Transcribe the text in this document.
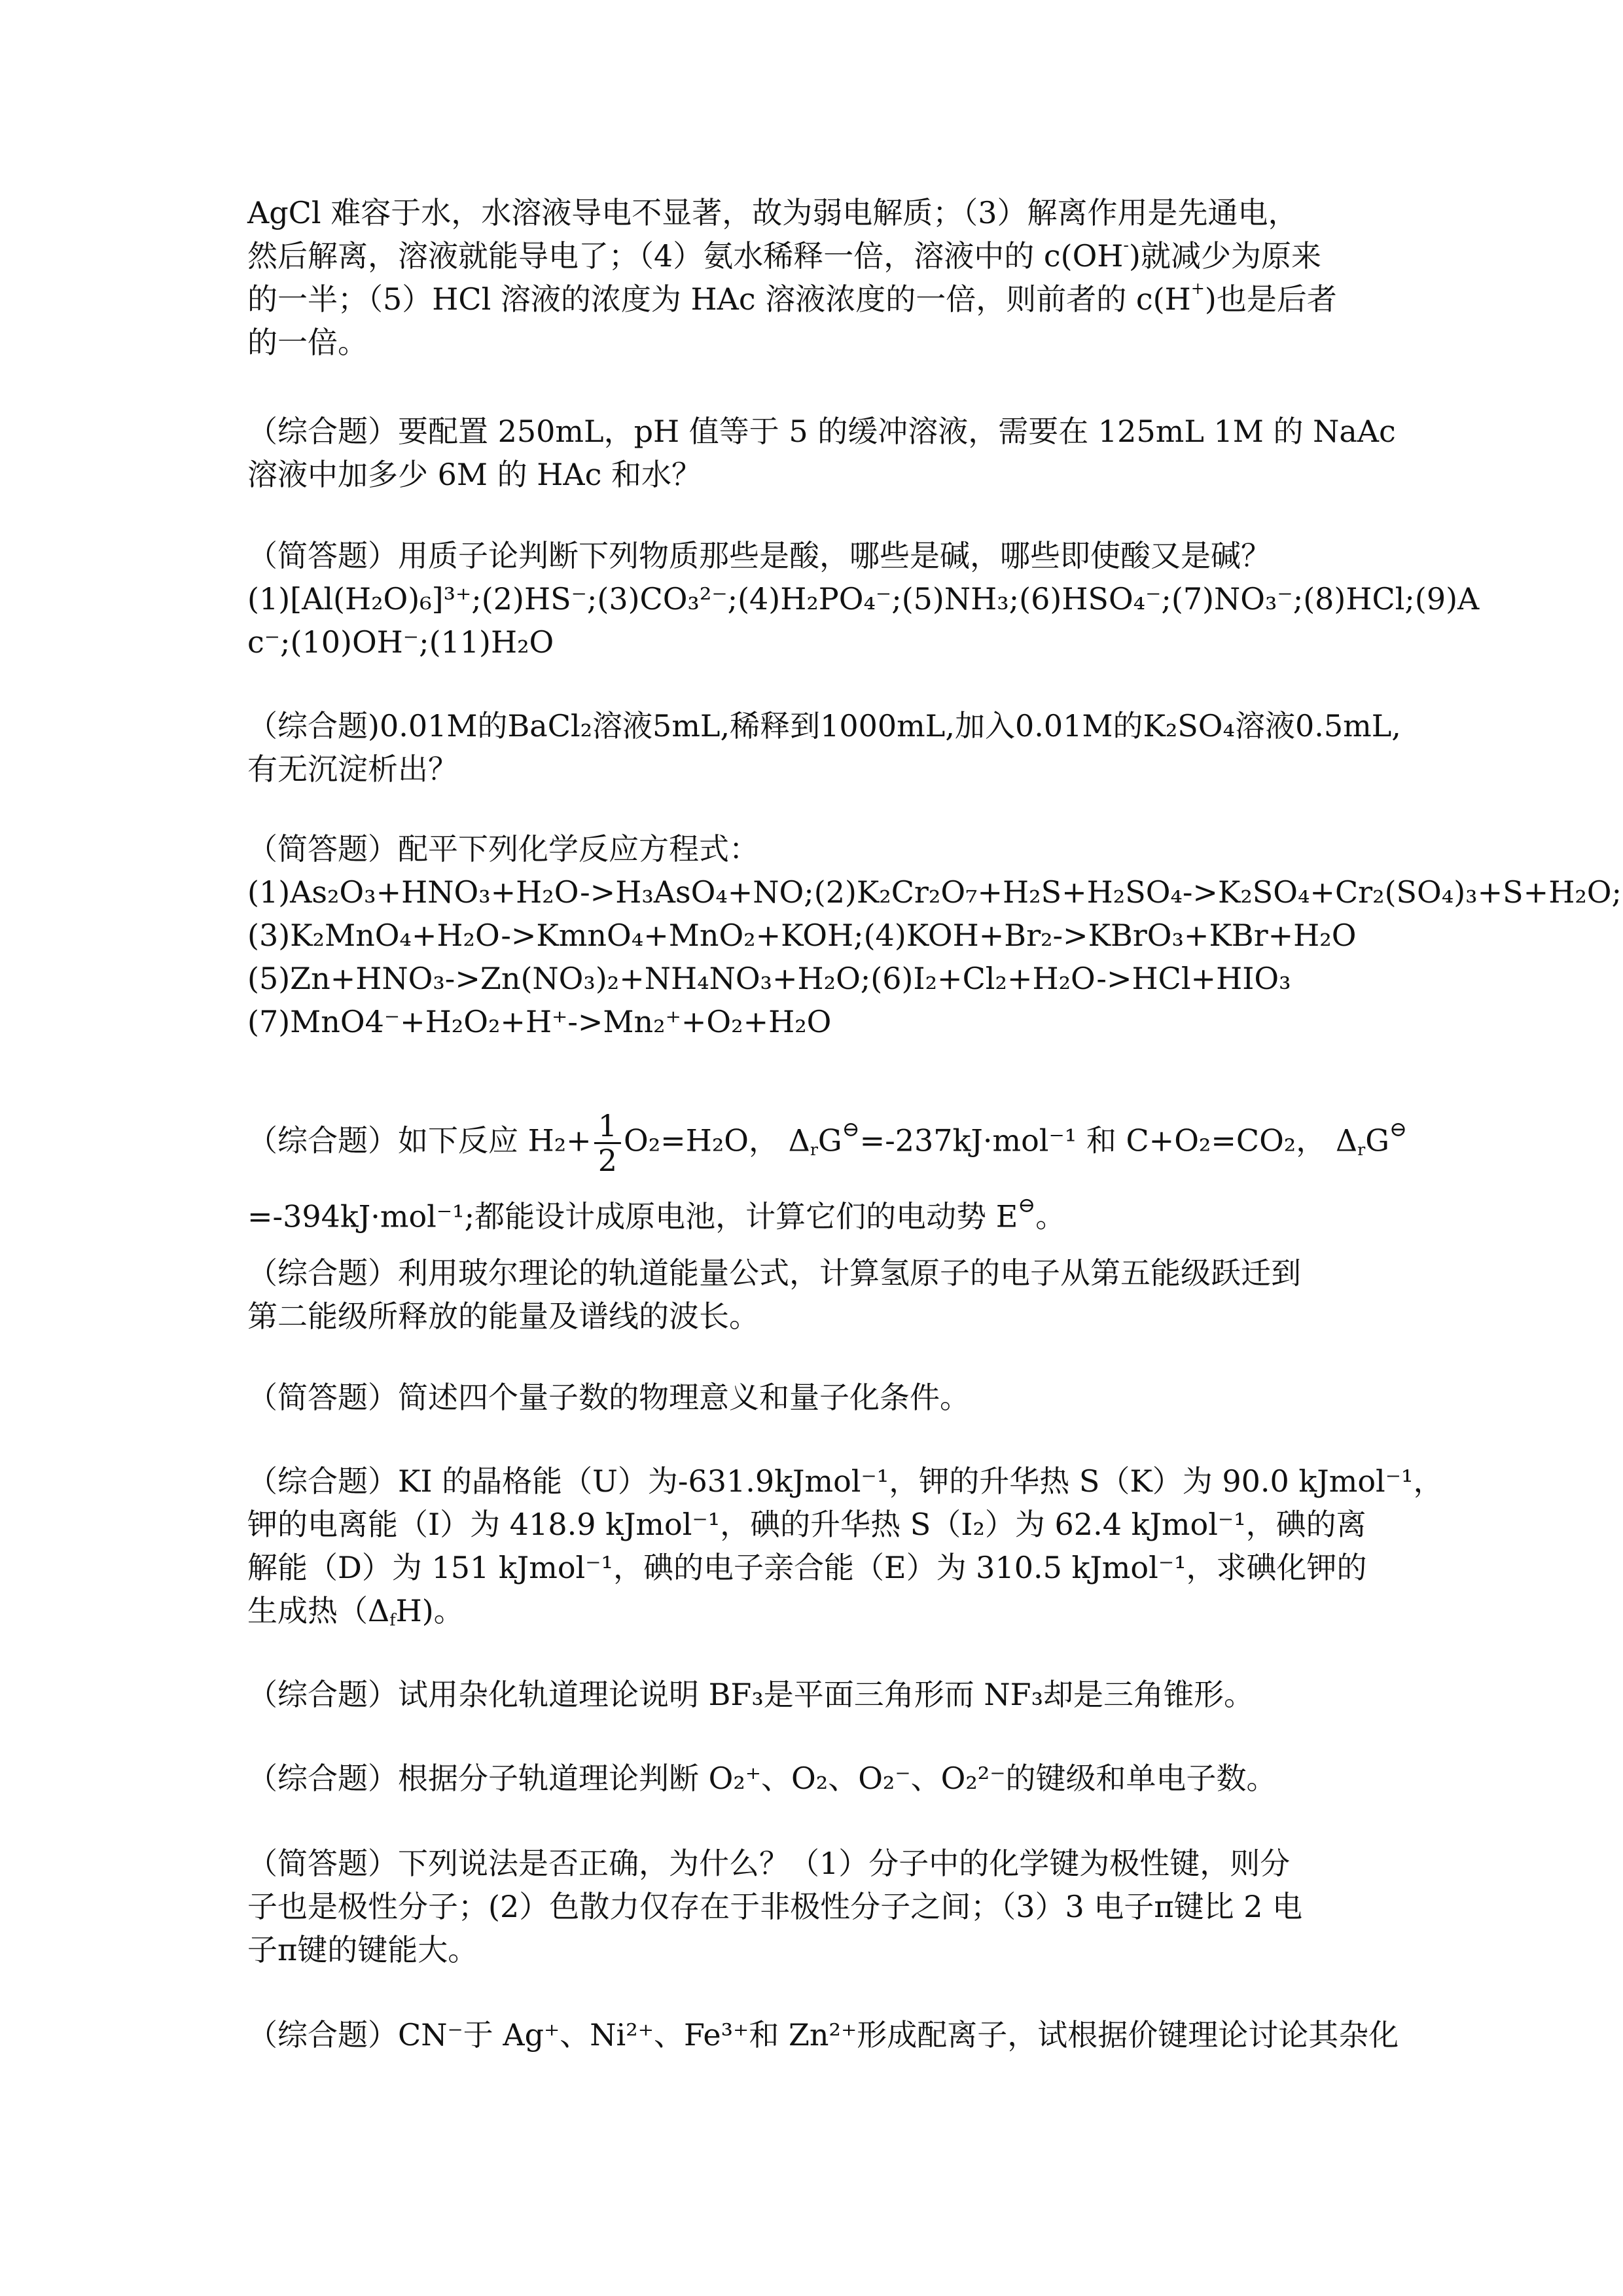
AgCl 难容于水，水溶液导电不显著，故为弱电解质；（3）解离作用是先通电，
然后解离，溶液就能导电了；（4）氨水稀释一倍，溶液中的 c(OH-)就减少为原来
的一半；（5）HCl 溶液的浓度为 HAc 溶液浓度的一倍，则前者的 c(H+)也是后者
的一倍。

（综合题）要配置 250mL，pH 值等于 5 的缓冲溶液，需要在 125mL 1M 的 NaAc
溶液中加多少 6M 的 HAc 和水？

（简答题）用质子论判断下列物质那些是酸，哪些是碱，哪些即使酸又是碱？
(1)[Al(H₂O)₆]³⁺;(2)HS⁻;(3)CO₃²⁻;(4)H₂PO₄⁻;(5)NH₃;(6)HSO₄⁻;(7)NO₃⁻;(8)HCl;(9)A
c⁻;(10)OH⁻;(11)H₂O

（综合题)0.01M的BaCl₂溶液5mL,稀释到1000mL,加入0.01M的K₂SO₄溶液0.5mL,
有无沉淀析出？

（简答题）配平下列化学反应方程式：
(1)As₂O₃+HNO₃+H₂O->H₃AsO₄+NO;(2)K₂Cr₂O₇+H₂S+H₂SO₄->K₂SO₄+Cr₂(SO₄)₃+S+H₂O;
(3)K₂MnO₄+H₂O->KmnO₄+MnO₂+KOH;(4)KOH+Br₂->KBrO₃+KBr+H₂O
(5)Zn+HNO₃->Zn(NO₃)₂+NH₄NO₃+H₂O;(6)I₂+Cl₂+H₂O->HCl+HIO₃
(7)MnO4⁻+H₂O₂+H⁺->Mn₂⁺+O₂+H₂O

（综合题）如下反应 $H_2+ \frac{1}{2} O_2=H_2O$， $\Delta_rG^⊖=-237kJ\cdot mol^{-1}$ 和 C+O₂=CO₂， $\Delta_rG^⊖$
=-394kJ·mol⁻¹;都能设计成原电池，计算它们的电动势 E⊖。

（综合题）利用玻尔理论的轨道能量公式，计算氢原子的电子从第五能级跃迁到
第二能级所释放的能量及谱线的波长。

（简答题）简述四个量子数的物理意义和量子化条件。

（综合题）KI 的晶格能（U）为-631.9kJmol⁻¹，钾的升华热 S（K）为 90.0 kJmol⁻¹，
钾的电离能（I）为 418.9 kJmol⁻¹，碘的升华热 S（I₂）为 62.4 kJmol⁻¹，碘的离
解能（D）为 151 kJmol⁻¹，碘的电子亲合能（E）为 310.5 kJmol⁻¹，求碘化钾的
生成热$(\Delta_fH)$。

（综合题）试用杂化轨道理论说明 BF₃是平面三角形而 NF₃却是三角锥形。

（综合题）根据分子轨道理论判断 O₂⁺、O₂、O₂⁻、O₂²⁻的键级和单电子数。

（简答题）下列说法是否正确，为什么？（1）分子中的化学键为极性键，则分
子也是极性分子；(2）色散力仅存在于非极性分子之间；（3）3 电子π键比 2 电
子π键的键能大。

（综合题）CN⁻于 Ag⁺、Ni²⁺、Fe³⁺和 Zn²⁺形成配离子，试根据价键理论讨论其杂化
